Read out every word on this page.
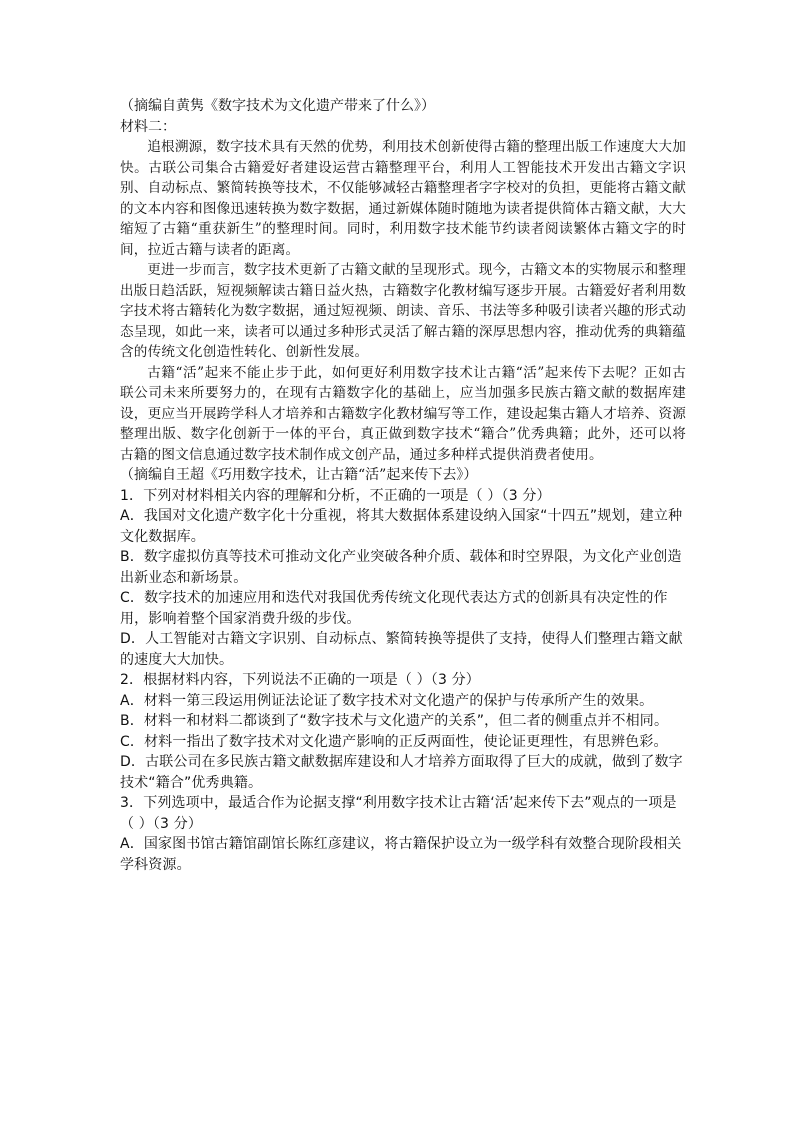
（摘编自黄隽《数字技术为文化遗产带来了什么》）

材料二：

追根溯源，数字技术具有天然的优势，利用技术创新使得古籍的整理出版工作速度大大加快。古联公司集合古籍爱好者建设运营古籍整理平台，利用人工智能技术开发出古籍文字识别、自动标点、繁简转换等技术，不仅能够减轻古籍整理者字字校对的负担，更能将古籍文献的文本内容和图像迅速转换为数字数据，通过新媒体随时随地为读者提供简体古籍文献，大大缩短了古籍“重获新生”的整理时间。同时，利用数字技术能节约读者阅读繁体古籍文字的时间，拉近古籍与读者的距离。

更进一步而言，数字技术更新了古籍文献的呈现形式。现今，古籍文本的实物展示和整理出版日趋活跃，短视频解读古籍日益火热，古籍数字化教材编写逐步开展。古籍爱好者利用数字技术将古籍转化为数字数据，通过短视频、朗读、音乐、书法等多种吸引读者兴趣的形式动态呈现，如此一来，读者可以通过多种形式灵活了解古籍的深厚思想内容，推动优秀的典籍蕴含的传统文化创造性转化、创新性发展。

古籍“活”起来不能止步于此，如何更好利用数字技术让古籍“活”起来传下去呢？正如古联公司未来所要努力的，在现有古籍数字化的基础上，应当加强多民族古籍文献的数据库建设，更应当开展跨学科人才培养和古籍数字化教材编写等工作，建设起集古籍人才培养、资源整理出版、数字化创新于一体的平台，真正做到数字技术“籍合”优秀典籍；此外，还可以将古籍的图文信息通过数字技术制作成文创产品，通过多种样式提供消费者使用。

（摘编自王超《巧用数字技术，让古籍“活”起来传下去》）

1．下列对材料相关内容的理解和分析，不正确的一项是（ ）（3 分）

A．我国对文化遗产数字化十分重视，将其大数据体系建设纳入国家“十四五”规划，建立种文化数据库。

B．数字虚拟仿真等技术可推动文化产业突破各种介质、载体和时空界限，为文化产业创造出新业态和新场景。

C．数字技术的加速应用和迭代对我国优秀传统文化现代表达方式的创新具有决定性的作用，影响着整个国家消费升级的步伐。

D．人工智能对古籍文字识别、自动标点、繁简转换等提供了支持，使得人们整理古籍文献的速度大大加快。

2．根据材料内容，下列说法不正确的一项是（ ）（3 分）

A．材料一第三段运用例证法论证了数字技术对文化遗产的保护与传承所产生的效果。

B．材料一和材料二都谈到了“数字技术与文化遗产的关系”，但二者的侧重点并不相同。

C．材料一指出了数字技术对文化遗产影响的正反两面性，使论证更理性，有思辨色彩。

D．古联公司在多民族古籍文献数据库建设和人才培养方面取得了巨大的成就，做到了数字技术“籍合”优秀典籍。

3．下列选项中，最适合作为论据支撑“利用数字技术让古籍‘活’起来传下去”观点的一项是（ ）（3 分）

A．国家图书馆古籍馆副馆长陈红彦建议，将古籍保护设立为一级学科有效整合现阶段相关学科资源。
